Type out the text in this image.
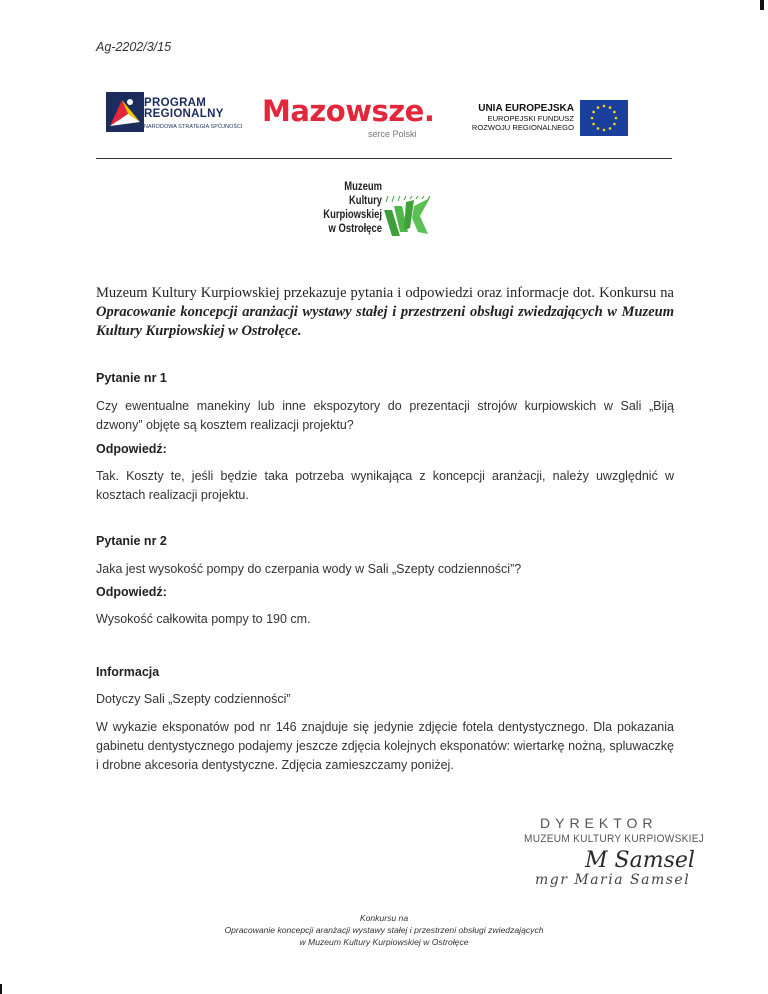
Ag-2202/3/15
PROGRAM
REGIONALNY
NARODOWA STRATEGIA SPÓJNOŚCI Mazowsze.
serce Polski
UNIA EUROPEJSKA
EUROPEJSKI FUNDUSZ
ROZWOJU REGIONALNEGO
Muzeum
Kultury
Kurpiowskiej
w Ostrołęce
Muzeum Kultury Kurpiowskiej przekazuje pytania i odpowiedzi oraz informacje dot. Konkursu na Opracowanie koncepcji aranżacji wystawy stałej i przestrzeni obsługi zwiedzających w Muzeum Kultury Kurpiowskiej w Ostrołęce.
Pytanie nr 1
Czy ewentualne manekiny lub inne ekspozytory do prezentacji strojów kurpiowskich w Sali „Biją dzwony” objęte są kosztem realizacji projektu?
Odpowiedź:
Tak. Koszty te, jeśli będzie taka potrzeba wynikająca z koncepcji aranżacji, należy uwzględnić w kosztach realizacji projektu.
Pytanie nr 2
Jaka jest wysokość pompy do czerpania wody w Sali „Szepty codzienności”?
Odpowiedź:
Wysokość całkowita pompy to 190 cm.
Informacja
Dotyczy Sali „Szepty codzienności”
W wykazie eksponatów pod nr 146 znajduje się jedynie zdjęcie fotela dentystycznego. Dla pokazania gabinetu dentystycznego podajemy jeszcze zdjęcia kolejnych eksponatów: wiertarkę nożną, spluwaczkę i drobne akcesoria dentystyczne. Zdjęcia zamieszczamy poniżej.
DYREKTOR
MUZEUM KULTURY KURPIOWSKIEJ
M Samsel
mgr Maria Samsel
Konkursu na
Opracowanie koncepcji aranżacji wystawy stałej i przestrzeni obsługi zwiedzających
w Muzeum Kultury Kurpiowskiej w Ostrołęce
